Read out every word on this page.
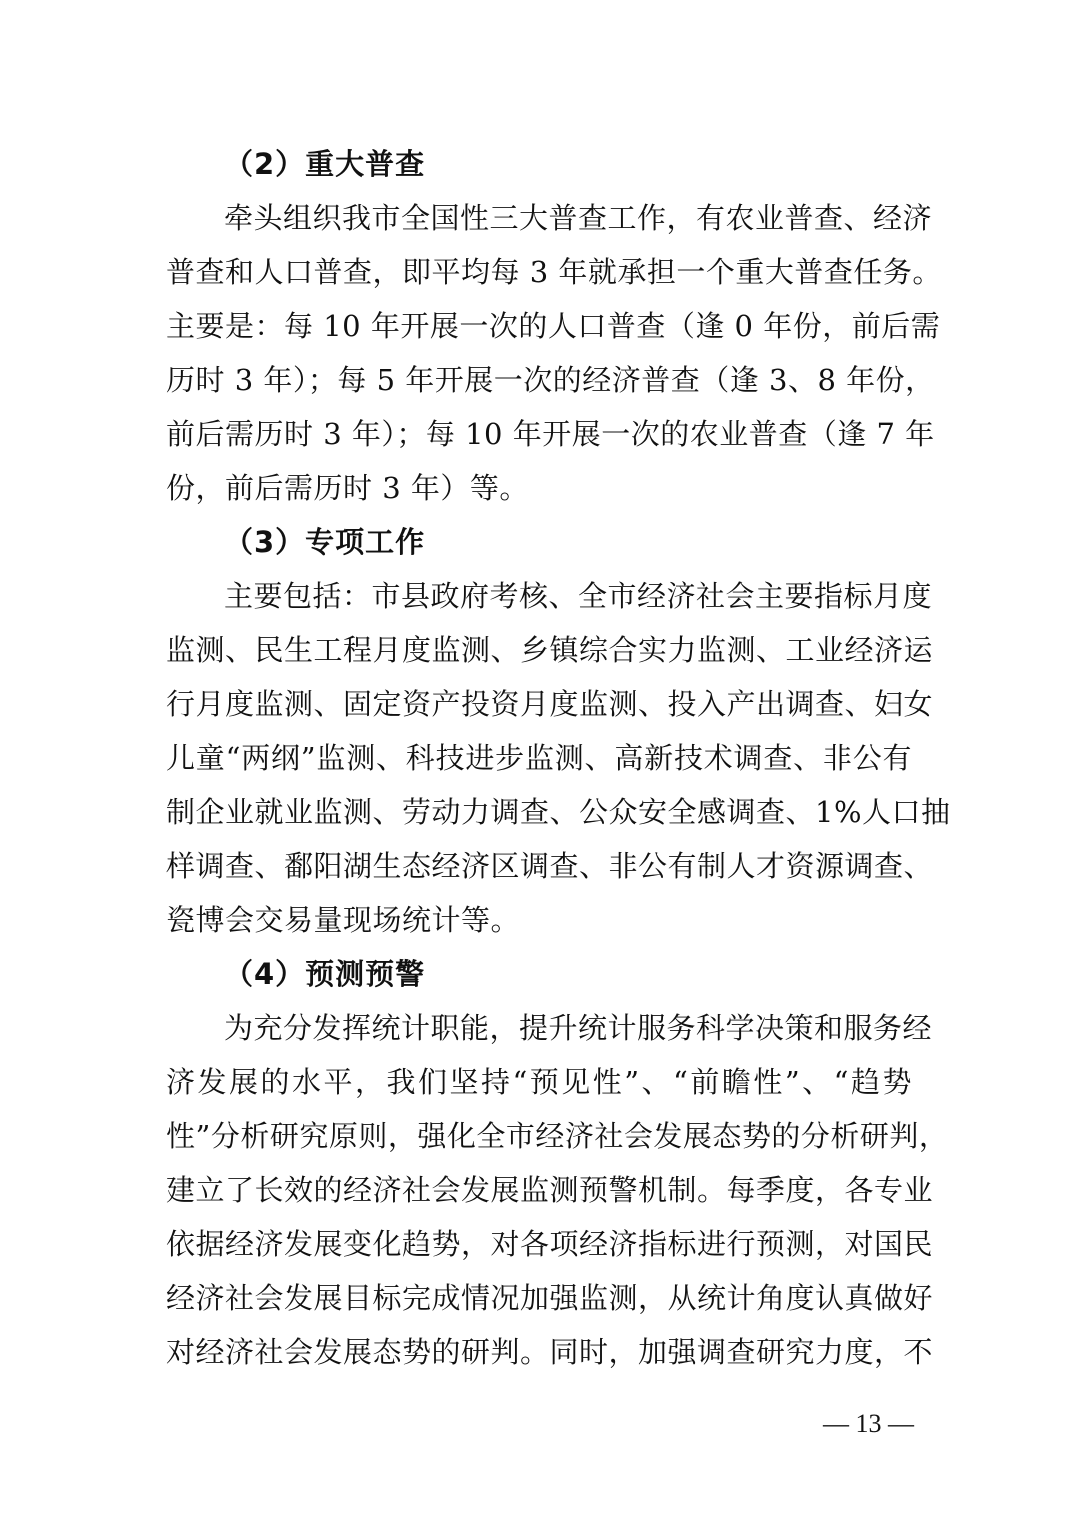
（2）重大普查
牵头组织我市全国性三大普查工作，有农业普查、经济
普查和人口普查，即平均每 3 年就承担一个重大普查任务。
主要是：每 10 年开展一次的人口普查（逢 0 年份，前后需
历时 3 年）；每 5 年开展一次的经济普查（逢 3、8 年份，
前后需历时 3 年）；每 10 年开展一次的农业普查（逢 7 年
份，前后需历时 3 年）等。
（3）专项工作
主要包括：市县政府考核、全市经济社会主要指标月度
监测、民生工程月度监测、乡镇综合实力监测、工业经济运
行月度监测、固定资产投资月度监测、投入产出调查、妇女
儿童“两纲”监测、科技进步监测、高新技术调查、非公有
制企业就业监测、劳动力调查、公众安全感调查、1%人口抽
样调查、鄱阳湖生态经济区调查、非公有制人才资源调查、
瓷博会交易量现场统计等。
（4）预测预警
为充分发挥统计职能，提升统计服务科学决策和服务经
济发展的水平，我们坚持“预见性”、“前瞻性”、“趋势
性”分析研究原则，强化全市经济社会发展态势的分析研判，
建立了长效的经济社会发展监测预警机制。每季度，各专业
依据经济发展变化趋势，对各项经济指标进行预测，对国民
经济社会发展目标完成情况加强监测，从统计角度认真做好
对经济社会发展态势的研判。同时，加强调查研究力度，不
— 13 —
